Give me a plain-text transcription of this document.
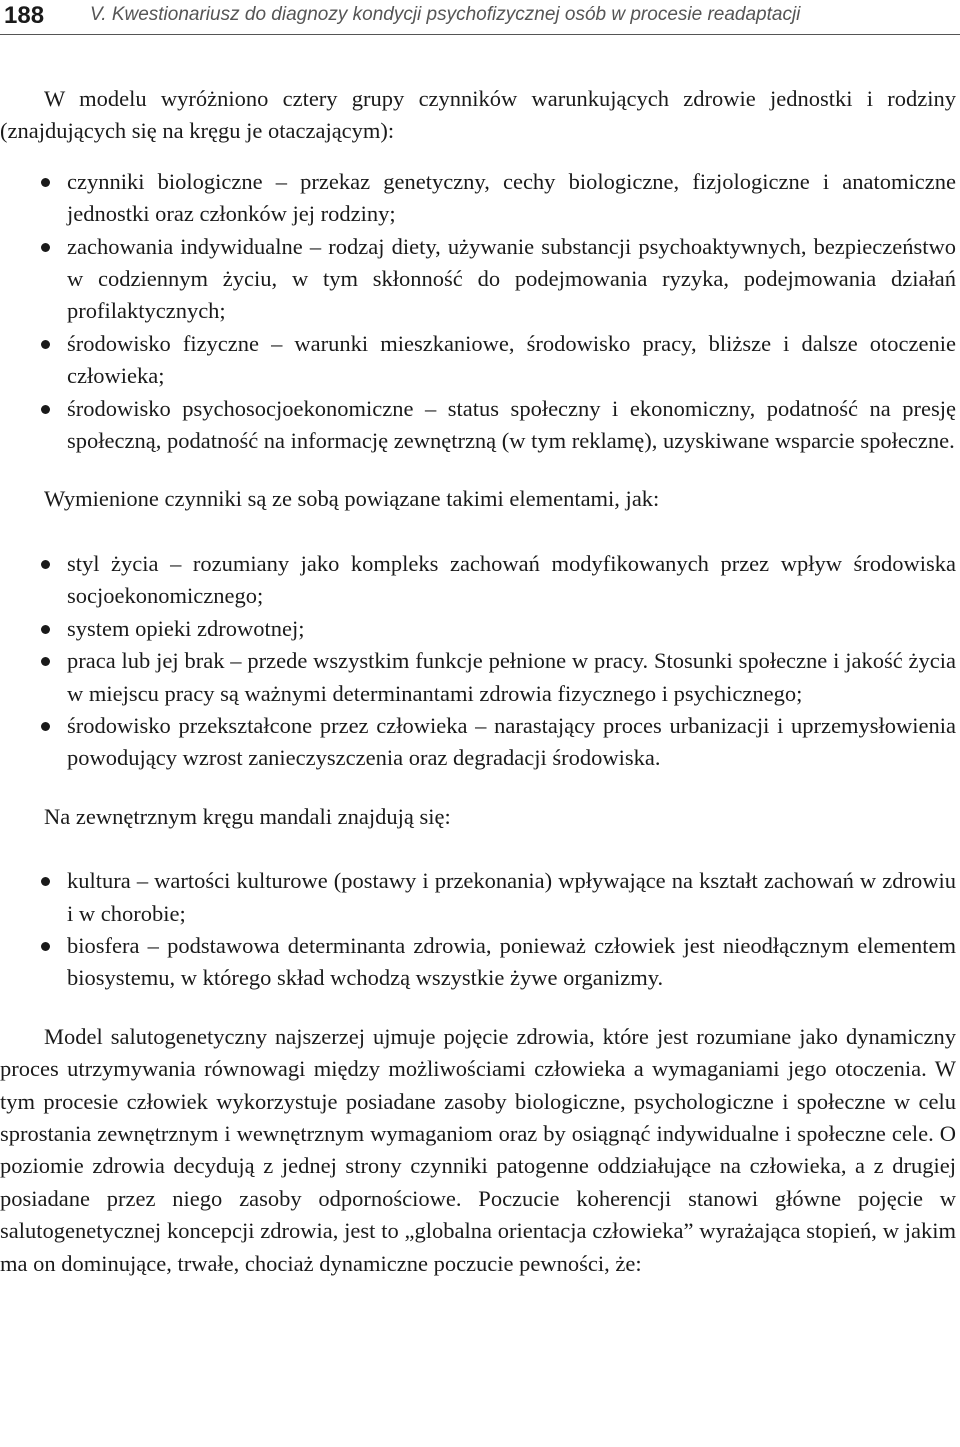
188 V. Kwestionariusz do diagnozy kondycji psychofizycznej osób w procesie readaptacji

W modelu wyróżniono cztery grupy czynników warunkujących zdrowie jednostki i rodziny (znajdujących się na kręgu je otaczającym):

czynniki biologiczne – przekaz genetyczny, cechy biologiczne, fizjologiczne i anatomiczne jednostki oraz członków jej rodziny;
zachowania indywidualne – rodzaj diety, używanie substancji psychoaktywnych, bezpieczeństwo w codziennym życiu, w tym skłonność do podejmowania ryzyka, podejmowania działań profilaktycznych;
środowisko fizyczne – warunki mieszkaniowe, środowisko pracy, bliższe i dalsze otoczenie człowieka;
środowisko psychosocjoekonomiczne – status społeczny i ekonomiczny, podatność na presję społeczną, podatność na informację zewnętrzną (w tym reklamę), uzyskiwane wsparcie społeczne.

Wymienione czynniki są ze sobą powiązane takimi elementami, jak:

styl życia – rozumiany jako kompleks zachowań modyfikowanych przez wpływ środowiska socjoekonomicznego;
system opieki zdrowotnej;
praca lub jej brak – przede wszystkim funkcje pełnione w pracy. Stosunki społeczne i jakość życia w miejscu pracy są ważnymi determinantami zdrowia fizycznego i psychicznego;
środowisko przekształcone przez człowieka – narastający proces urbanizacji i uprzemysłowienia powodujący wzrost zanieczyszczenia oraz degradacji środowiska.

Na zewnętrznym kręgu mandali znajdują się:

kultura – wartości kulturowe (postawy i przekonania) wpływające na kształt zachowań w zdrowiu i w chorobie;
biosfera – podstawowa determinanta zdrowia, ponieważ człowiek jest nieodłącznym elementem biosystemu, w którego skład wchodzą wszystkie żywe organizmy.

Model salutogenetyczny najszerzej ujmuje pojęcie zdrowia, które jest rozumiane jako dynamiczny proces utrzymywania równowagi między możliwościami człowieka a wymaganiami jego otoczenia. W tym procesie człowiek wykorzystuje posiadane zasoby biologiczne, psychologiczne i społeczne w celu sprostania zewnętrznym i wewnętrznym wymaganiom oraz by osiągnąć indywidualne i społeczne cele. O poziomie zdrowia decydują z jednej strony czynniki patogenne oddziałujące na człowieka, a z drugiej posiadane przez niego zasoby odpornościowe. Poczucie koherencji stanowi główne pojęcie w salutogenetycznej koncepcji zdrowia, jest to „globalna orientacja człowieka” wyrażająca stopień, w jakim ma on dominujące, trwałe, chociaż dynamiczne poczucie pewności, że:
